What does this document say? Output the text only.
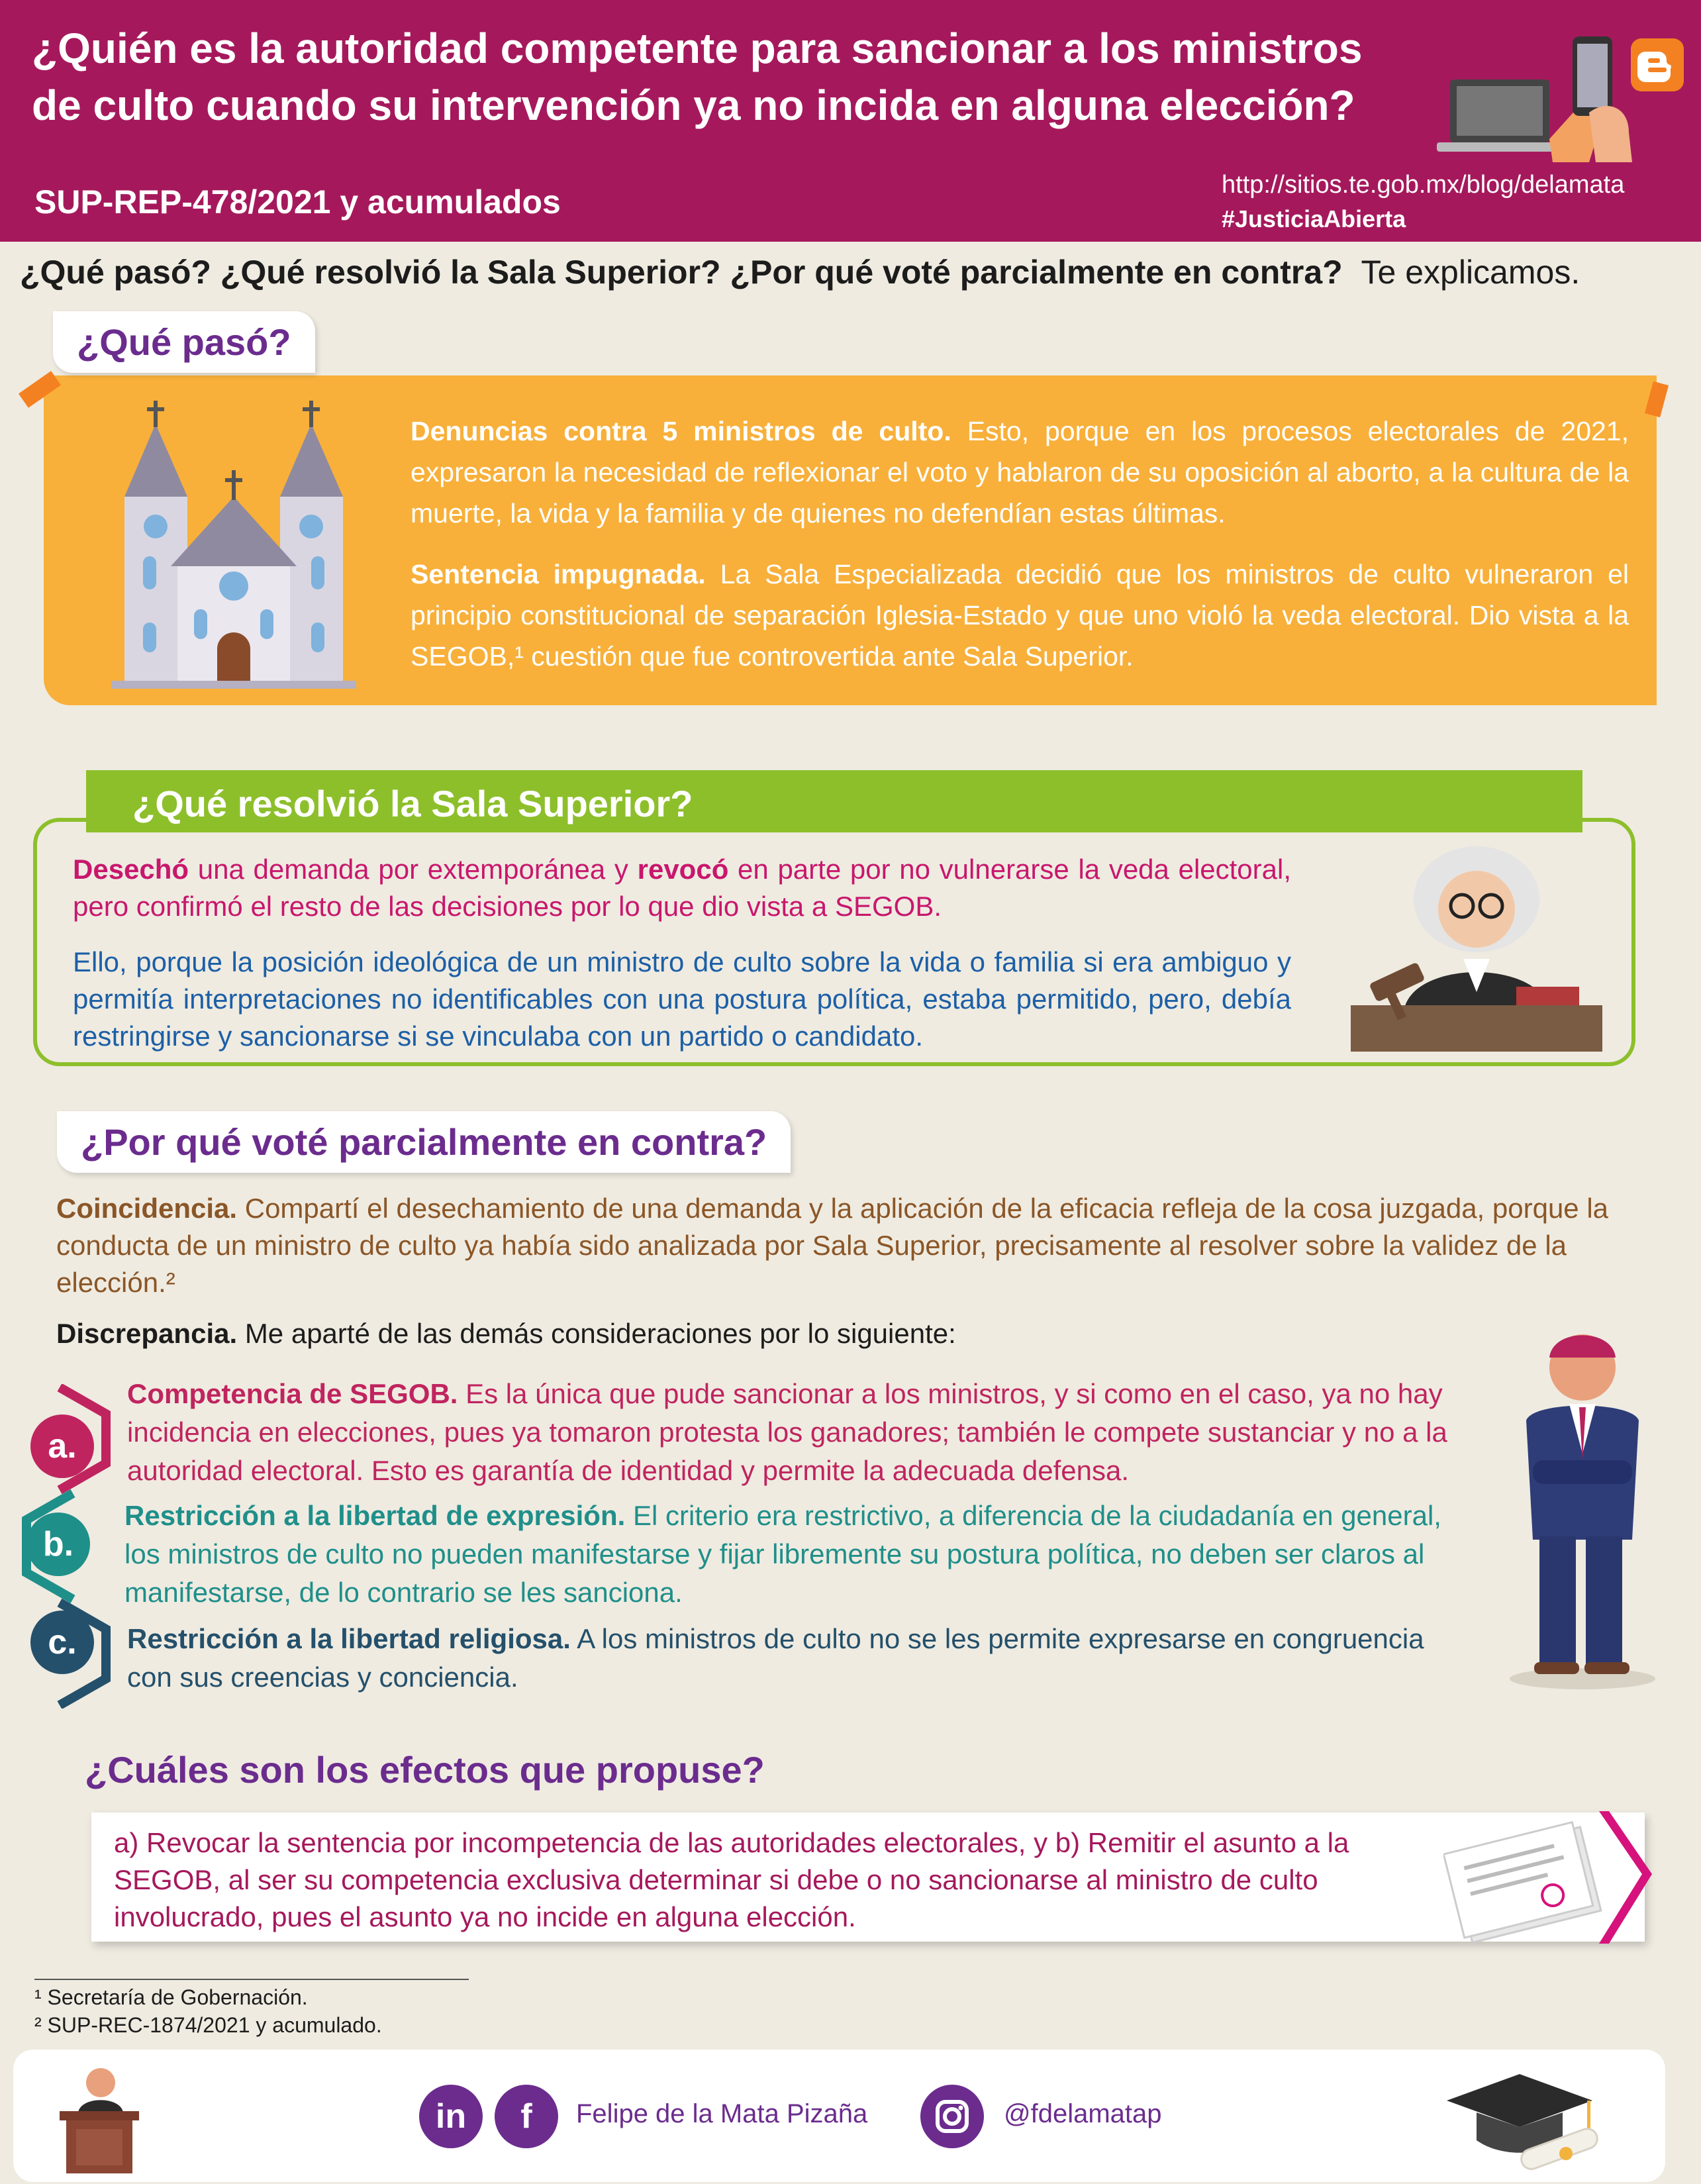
¿Quién es la autoridad competente para sancionar a los ministros de culto cuando su intervención ya no incida en alguna elección?
SUP-REP-478/2021 y acumulados	http://sitios.te.gob.mx/blog/delamata
#JusticiaAbierta
¿Qué pasó? ¿Qué resolvió la Sala Superior? ¿Por qué voté parcialmente en contra? Te explicamos.
¿Qué pasó?

Denuncias contra 5 ministros de culto. Esto, porque en los procesos electorales de 2021, expresaron la necesidad de reflexionar el voto y hablaron de su oposición al aborto, a la cultura de la muerte, la vida y la familia y de quienes no defendían estas últimas.

Sentencia impugnada. La Sala Especializada decidió que los ministros de culto vulneraron el principio constitucional de separación Iglesia-Estado y que uno violó la veda electoral. Dio vista a la SEGOB,¹ cuestión que fue controvertida ante Sala Superior.

¿Qué resolvió la Sala Superior?
Desechó una demanda por extemporánea y revocó en parte por no vulnerarse la veda electoral, pero confirmó el resto de las decisiones por lo que dio vista a SEGOB.
Ello, porque la posición ideológica de un ministro de culto sobre la vida o familia si era ambiguo y permitía interpretaciones no identificables con una postura política, estaba permitido, pero, debía restringirse y sancionarse si se vinculaba con un partido o candidato.
¿Por qué voté parcialmente en contra?
Coincidencia. Compartí el desechamiento de una demanda y la aplicación de la eficacia refleja de la cosa juzgada, porque la conducta de un ministro de culto ya había sido analizada por Sala Superior, precisamente al resolver sobre la validez de la elección.²
Discrepancia. Me aparté de las demás consideraciones por lo siguiente:
a.
b.
c.
Competencia de SEGOB. Es la única que pude sancionar a los ministros, y si como en el caso, ya no hay incidencia en elecciones, pues ya tomaron protesta los ganadores; también le compete sustanciar y no a la autoridad electoral. Esto es garantía de identidad y permite la adecuada defensa.
Restricción a la libertad de expresión. El criterio era restrictivo, a diferencia de la ciudadanía en general, los ministros de culto no pueden manifestarse y fijar libremente su postura política, no deben ser claros al manifestarse, de lo contrario se les sanciona.
Restricción a la libertad religiosa. A los ministros de culto no se les permite expresarse en congruencia con sus creencias y conciencia.
¿Cuáles son los efectos que propuse?
a) Revocar la sentencia por incompetencia de las autoridades electorales, y b) Remitir el asunto a la SEGOB, al ser su competencia exclusiva determinar si debe o no sancionarse al ministro de culto involucrado, pues el asunto ya no incide en alguna elección.
¹ Secretaría de Gobernación.
² SUP-REC-1874/2021 y acumulado.
in	f	Felipe de la Mata Pizaña	@fdelamatap
